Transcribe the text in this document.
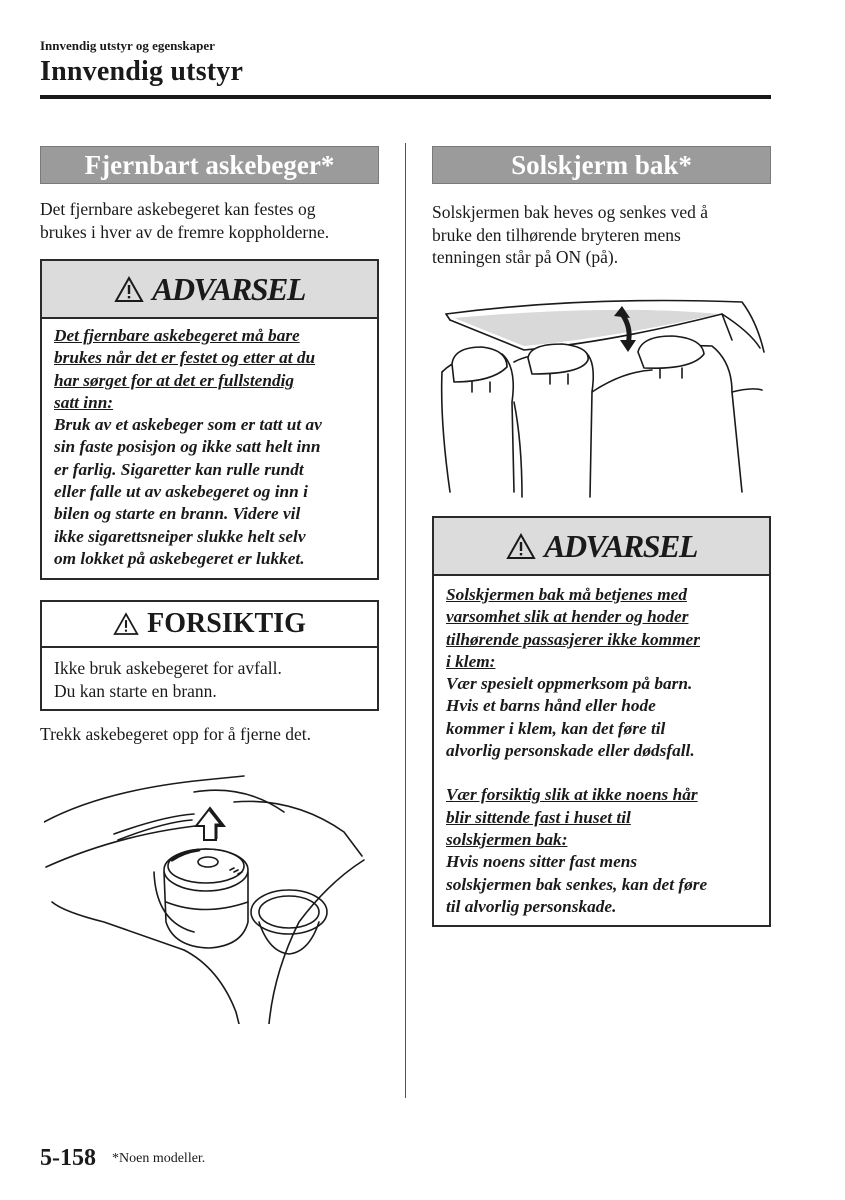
Innvendig utstyr og egenskaper
Innvendig utstyr
Fjernbart askebeger*
Det fjernbare askebegeret kan festes og
brukes i hver av de fremre koppholderne.
ADVARSEL
Det fjernbare askebegeret må bare
brukes når det er festet og etter at du
har sørget for at det er fullstendig
satt inn:
Bruk av et askebeger som er tatt ut av
sin faste posisjon og ikke satt helt inn
er farlig. Sigaretter kan rulle rundt
eller falle ut av askebegeret og inn i
bilen og starte en brann. Videre vil
ikke sigarettsneiper slukke helt selv
om lokket på askebegeret er lukket.
FORSIKTIG
Ikke bruk askebegeret for avfall.
Du kan starte en brann.
Trekk askebegeret opp for å fjerne det.
Solskjerm bak*
Solskjermen bak heves og senkes ved å
bruke den tilhørende bryteren mens
tenningen står på ON (på).
ADVARSEL
Solskjermen bak må betjenes med
varsomhet slik at hender og hoder
tilhørende passasjerer ikke kommer
i klem:
Vær spesielt oppmerksom på barn.
Hvis et barns hånd eller hode
kommer i klem, kan det føre til
alvorlig personskade eller dødsfall.
Vær forsiktig slik at ikke noens hår
blir sittende fast i huset til
solskjermen bak:
Hvis noens sitter fast mens
solskjermen bak senkes, kan det føre
til alvorlig personskade.
5-158 *Noen modeller.
